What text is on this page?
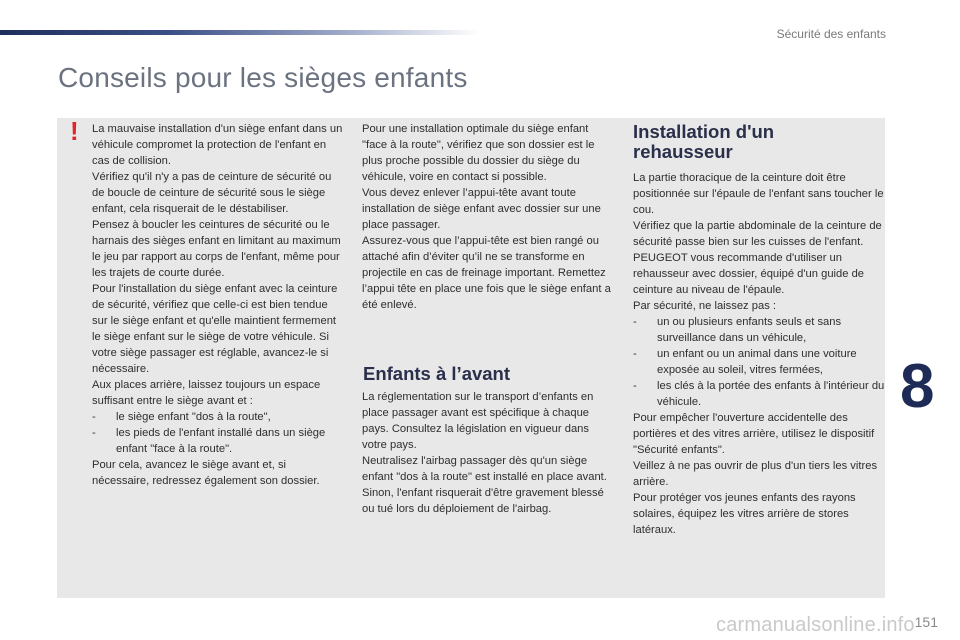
Sécurité des enfants
Conseils pour les sièges enfants
! La mauvaise installation d'un siège enfant dans un véhicule compromet la protection de l'enfant en cas de collision.

Vérifiez qu'il n'y a pas de ceinture de sécurité ou de boucle de ceinture de sécurité sous le siège enfant, cela risquerait de le déstabiliser.

Pensez à boucler les ceintures de sécurité ou le harnais des sièges enfant en limitant au maximum le jeu par rapport au corps de l'enfant, même pour les trajets de courte durée.

Pour l'installation du siège enfant avec la ceinture de sécurité, vérifiez que celle-ci est bien tendue sur le siège enfant et qu'elle maintient fermement le siège enfant sur le siège de votre véhicule. Si votre siège passager est réglable, avancez-le si nécessaire.

Aux places arrière, laissez toujours un espace suffisant entre le siège avant et :

- le siège enfant "dos à la route",
- les pieds de l'enfant installé dans un siège enfant "face à la route".

Pour cela, avancez le siège avant et, si nécessaire, redressez également son dossier.

Pour une installation optimale du siège enfant "face à la route", vérifiez que son dossier est le plus proche possible du dossier du siège du véhicule, voire en contact si possible.

Vous devez enlever l’appui-tête avant toute installation de siège enfant avec dossier sur une place passager.

Assurez-vous que l’appui-tête est bien rangé ou attaché afin d’éviter qu’il ne se transforme en projectile en cas de freinage important. Remettez l’appui tête en place une fois que le siège enfant a été enlevé.

Enfants à l’avant

La réglementation sur le transport d’enfants en place passager avant est spécifique à chaque pays. Consultez la législation en vigueur dans votre pays.

Neutralisez l'airbag passager dès qu'un siège enfant "dos à la route" est installé en place avant.

Sinon, l'enfant risquerait d'être gravement blessé ou tué lors du déploiement de l'airbag.

Installation d'un
rehausseur

La partie thoracique de la ceinture doit être positionnée sur l'épaule de l'enfant sans toucher le cou.

Vérifiez que la partie abdominale de la ceinture de sécurité passe bien sur les cuisses de l'enfant.

PEUGEOT vous recommande d'utiliser un rehausseur avec dossier, équipé d'un guide de ceinture au niveau de l'épaule.

Par sécurité, ne laissez pas :

- un ou plusieurs enfants seuls et sans surveillance dans un véhicule,
- un enfant ou un animal dans une voiture exposée au soleil, vitres fermées,
- les clés à la portée des enfants à l'intérieur du véhicule.

Pour empêcher l'ouverture accidentelle des portières et des vitres arrière, utilisez le dispositif "Sécurité enfants".

Veillez à ne pas ouvrir de plus d'un tiers les vitres arrière.

Pour protéger vos jeunes enfants des rayons solaires, équipez les vitres arrière de stores latéraux.

8
carmanualsonline.info 151
